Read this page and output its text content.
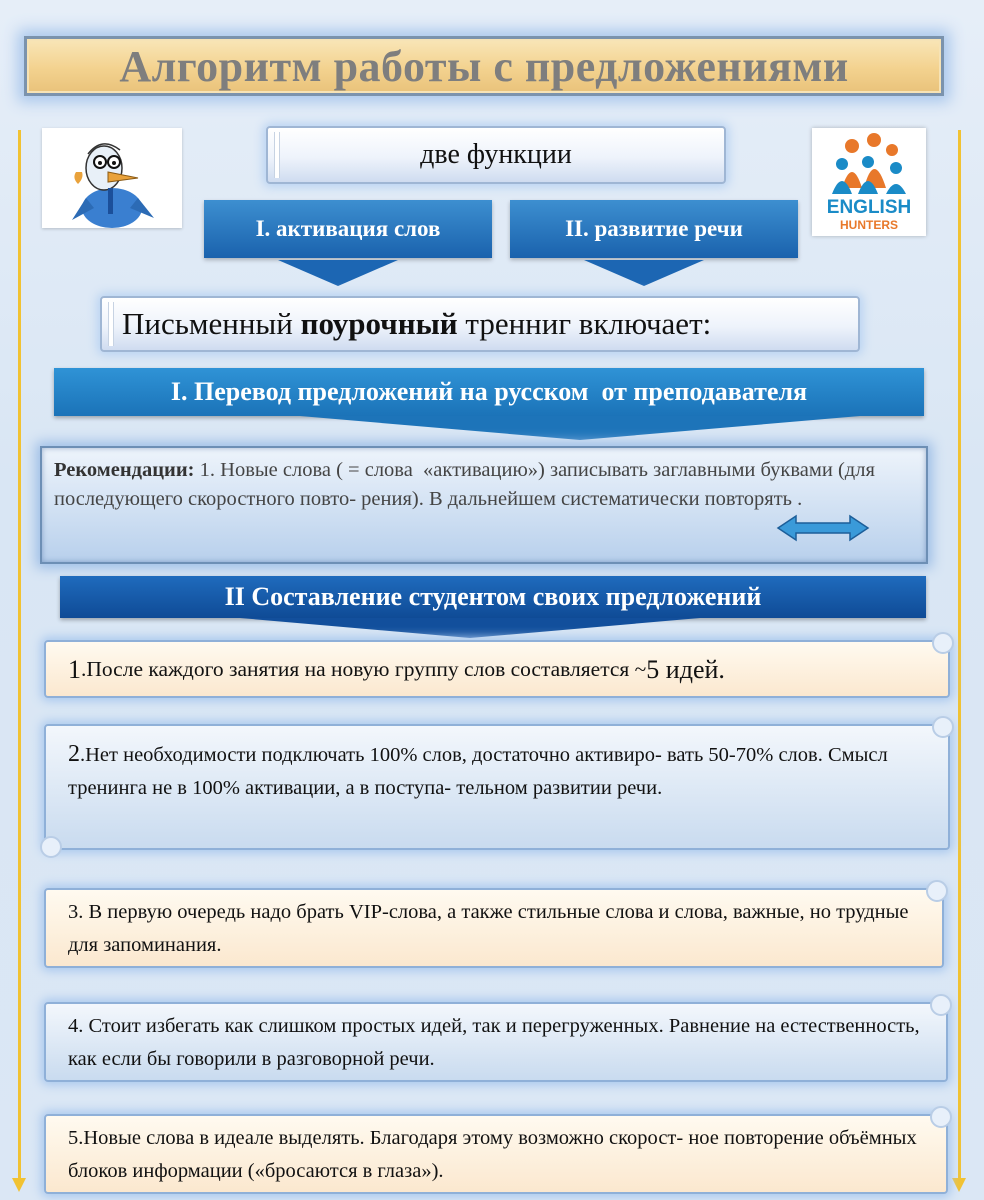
Алгоритм работы с предложениями
ENGLISH
HUNTERS
две функции
I. активация слов	II. развитие речи
Письменный поурочный тренниг включает:
I. Перевод предложений на русском  от преподавателя
Рекомендации: 1. Новые слова ( = слова  «активацию») записывать заглавными буквами (для последующего скоростного повто- рения). В дальнейшем систематически повторять .
II Составление студентом своих предложений
1 .После каждого занятия на новую группу слов составляется ~ 5 идей.
2.Нет необходимости подключать 100% слов, достаточно активиро- вать 50-70% слов. Смысл тренинга не в 100% активации, а в поступа- тельном развитии речи.
3. В первую очередь надо брать VIP-слова, а также стильные слова и слова, важные, но трудные для запоминания.
4. Стоит избегать как слишком простых идей, так и перегруженных. Равнение на естественность, как если бы говорили в разговорной речи.
5.Новые слова в идеале выделять. Благодаря этому возможно скорост- ное повторение объёмных блоков информации («бросаются в глаза»).
